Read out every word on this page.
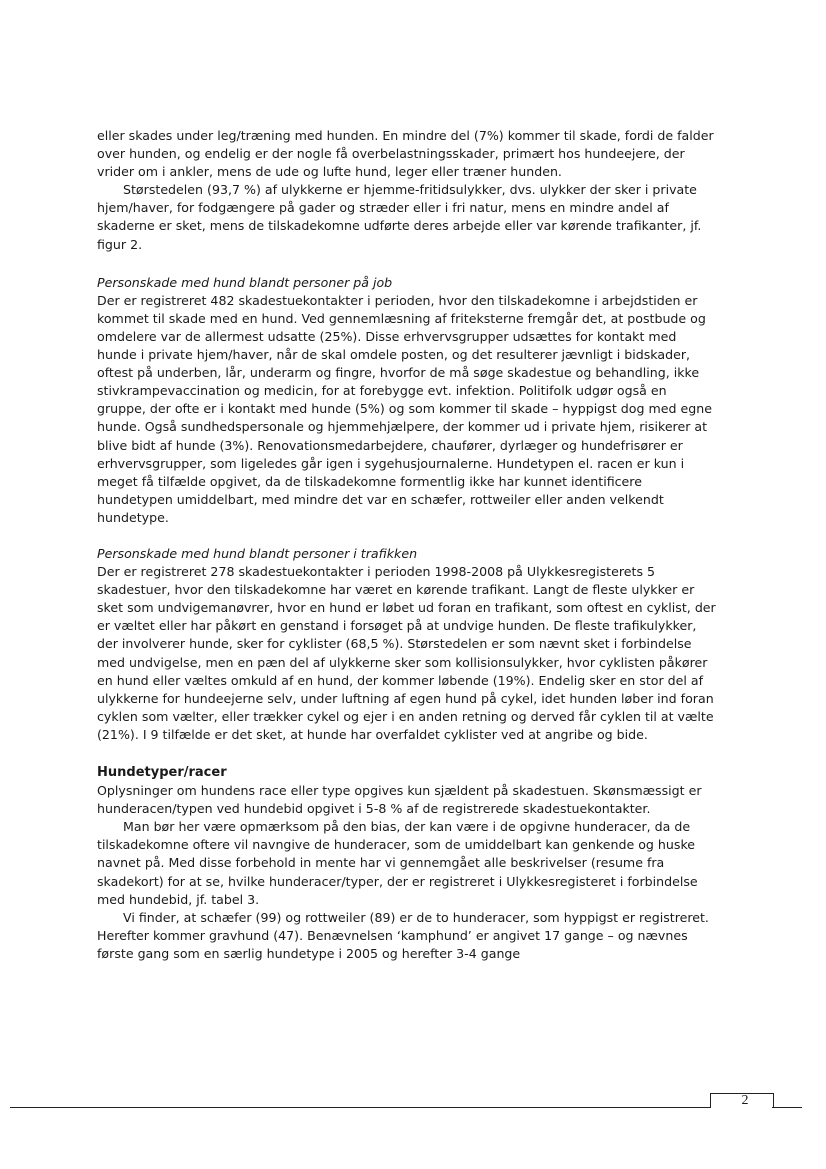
eller skades under leg/træning med hunden. En mindre del (7%) kommer til skade, fordi de falder over hunden, og endelig er der nogle få overbelastningsskader, primært hos hundeejere, der vrider om i ankler, mens de ude og lufte hund, leger eller træner hunden.

Størstedelen (93,7 %) af ulykkerne er hjemme-fritidsulykker, dvs. ulykker der sker i private hjem/haver, for fodgængere på gader og stræder eller i fri natur, mens en mindre andel af skaderne er sket, mens de tilskadekomne udførte deres arbejde eller var kørende trafikanter, jf. figur 2.

Personskade med hund blandt personer på job

Der er registreret 482 skadestuekontakter i perioden, hvor den tilskadekomne i arbejdstiden er kommet til skade med en hund. Ved gennemlæsning af friteksterne fremgår det, at postbude og omdelere var de allermest udsatte (25%). Disse erhvervsgrupper udsættes for kontakt med hunde i private hjem/haver, når de skal omdele posten, og det resulterer jævnligt i bidskader, oftest på underben, lår, underarm og fingre, hvorfor de må søge skadestue og behandling, ikke stivkrampevaccination og medicin, for at forebygge evt. infektion. Politifolk udgør også en gruppe, der ofte er i kontakt med hunde (5%) og som kommer til skade – hyppigst dog med egne hunde. Også sundhedspersonale og hjemmehjælpere, der kommer ud i private hjem, risikerer at blive bidt af hunde (3%). Renovationsmedarbejdere, chaufører, dyrlæger og hundefrisører er erhvervsgrupper, som ligeledes går igen i sygehusjournalerne. Hundetypen el. racen er kun i meget få tilfælde opgivet, da de tilskadekomne formentlig ikke har kunnet identificere hundetypen umiddelbart, med mindre det var en schæfer, rottweiler eller anden velkendt hundetype.

Personskade med hund blandt personer i trafikken

Der er registreret 278 skadestuekontakter i perioden 1998-2008 på Ulykkesregisterets 5 skadestuer, hvor den tilskadekomne har været en kørende trafikant. Langt de fleste ulykker er sket som undvigemanøvrer, hvor en hund er løbet ud foran en trafikant, som oftest en cyklist, der er væltet eller har påkørt en genstand i forsøget på at undvige hunden. De fleste trafikulykker, der involverer hunde, sker for cyklister (68,5 %). Størstedelen er som nævnt sket i forbindelse med undvigelse, men en pæn del af ulykkerne sker som kollisionsulykker, hvor cyklisten påkører en hund eller væltes omkuld af en hund, der kommer løbende (19%). Endelig sker en stor del af ulykkerne for hundeejerne selv, under luftning af egen hund på cykel, idet hunden løber ind foran cyklen som vælter, eller trækker cykel og ejer i en anden retning og derved får cyklen til at vælte (21%). I 9 tilfælde er det sket, at hunde har overfaldet cyklister ved at angribe og bide.

Hundetyper/racer

Oplysninger om hundens race eller type opgives kun sjældent på skadestuen. Skønsmæssigt er hunderacen/typen ved hundebid opgivet i 5-8 % af de registrerede skadestuekontakter.

Man bør her være opmærksom på den bias, der kan være i de opgivne hunderacer, da de tilskadekomne oftere vil navngive de hunderacer, som de umiddelbart kan genkende og huske navnet på. Med disse forbehold in mente har vi gennemgået alle beskrivelser (resume fra skadekort) for at se, hvilke hunderacer/typer, der er registreret i Ulykkesregisteret i forbindelse med hundebid, jf. tabel 3.

Vi finder, at schæfer (99) og rottweiler (89) er de to hunderacer, som hyppigst er registreret. Herefter kommer gravhund (47). Benævnelsen ‘kamphund’ er angivet 17 gange – og nævnes første gang som en særlig hundetype i 2005 og herefter 3-4 gange

2
